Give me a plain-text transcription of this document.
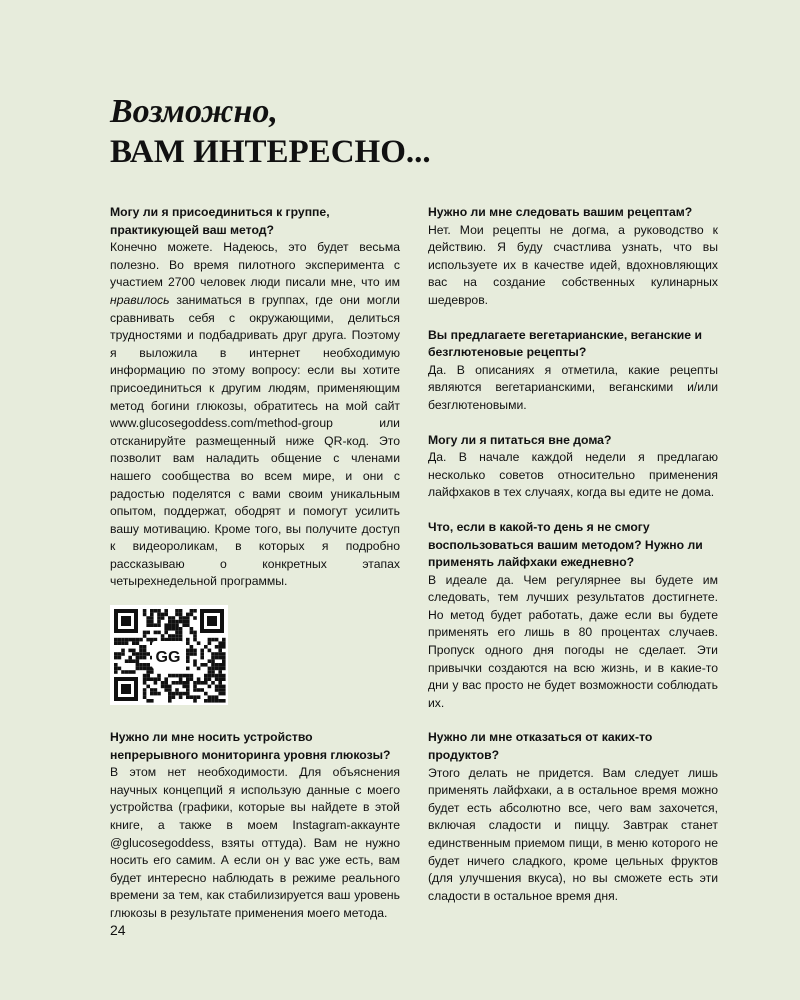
Возможно,
ВАМ ИНТЕРЕСНО...

Могу ли я присоединиться к группе, практикующей ваш метод?

Конечно можете. Надеюсь, это будет весьма полезно. Во время пилотного эксперимента с участием 2700 человек люди писали мне, что им нравилось заниматься в группах, где они могли сравнивать себя с окружающими, делиться трудностями и подбадривать друг друга. Поэтому я выложила в интернет необходимую информацию по этому вопросу: если вы хотите присоединиться к другим людям, применяющим метод богини глюкозы, обратитесь на мой сайт www.glucosegoddess.com/method-group или отсканируйте размещенный ниже QR-код. Это позволит вам наладить общение с членами нашего сообщества во всем мире, и они с радостью поделятся с вами своим уникальным опытом, поддержат, ободрят и помогут усилить вашу мотивацию. Кроме того, вы получите доступ к видеороликам, в которых я подробно рассказываю о конкретных этапах четырехнедельной программы.

GG

Нужно ли мне носить устройство непрерывного мониторинга уровня глюкозы?

В этом нет необходимости. Для объяснения научных концепций я использую данные с моего устройства (графики, которые вы найдете в этой книге, а также в моем Instagram-аккаунте @glucosegoddess, взяты оттуда). Вам не нужно носить его самим. А если он у вас уже есть, вам будет интересно наблюдать в режиме реального времени за тем, как стабилизируется ваш уровень глюкозы в результате применения моего метода.

Нужно ли мне следовать вашим рецептам?

Нет. Мои рецепты не догма, а руководство к действию. Я буду счастлива узнать, что вы используете их в качестве идей, вдохновляющих вас на создание собственных кулинарных шедевров.

Вы предлагаете вегетарианские, веганские и безглютеновые рецепты?

Да. В описаниях я отметила, какие рецепты являются вегетарианскими, веганскими и/или безглютеновыми.

Могу ли я питаться вне дома?

Да. В начале каждой недели я предлагаю несколько советов относительно применения лайфхаков в тех случаях, когда вы едите не дома.

Что, если в какой-то день я не смогу воспользоваться вашим методом? Нужно ли применять лайфхаки ежедневно?

В идеале да. Чем регулярнее вы будете им следовать, тем лучших результатов достигнете. Но метод будет работать, даже если вы будете применять его лишь в 80 процентах случаев. Пропуск одного дня погоды не сделает. Эти привычки создаются на всю жизнь, и в какие-то дни у вас просто не будет возможности соблюдать их.

Нужно ли мне отказаться от каких-то продуктов?

Этого делать не придется. Вам следует лишь применять лайфхаки, а в остальное время можно будет есть абсолютно все, чего вам захочется, включая сладости и пиццу. Завтрак станет единственным приемом пищи, в меню которого не будет ничего сладкого, кроме цельных фруктов (для улучшения вкуса), но вы сможете есть эти сладости в остальное время дня.

24
